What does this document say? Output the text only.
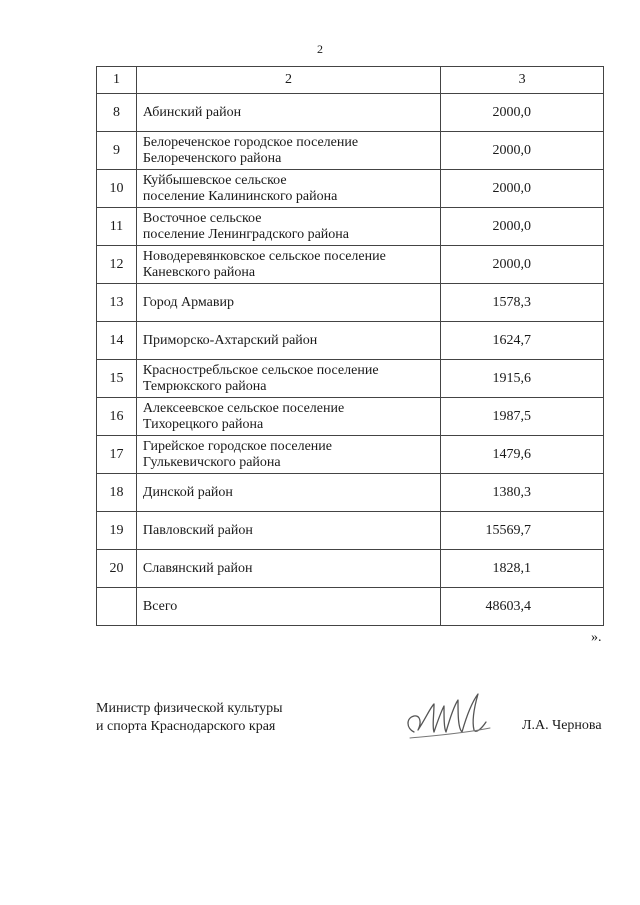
2
1	2	3
8	Абинский район	2000,0
9	Белореченское городское поселение
Белореченского района	2000,0
10	Куйбышевское сельское
поселение Калининского района	2000,0
11	Восточное сельское
поселение Ленинградского района	2000,0
12	Новодеревянковское сельское поселение
Каневского района	2000,0
13	Город Армавир	1578,3
14	Приморско-Ахтарский район	1624,7
15	Красностребльское сельское поселение
Темрюкского района	1915,6
16	Алексеевское сельское поселение
Тихорецкого района	1987,5
17	Гирейское городское поселение
Гулькевичского района	1479,6
18	Динской район	1380,3
19	Павловский район	15569,7
20	Славянский район	1828,1
	Всего	48603,4
».
Министр физической культуры
и спорта Краснодарского края	Л.А. Чернова
